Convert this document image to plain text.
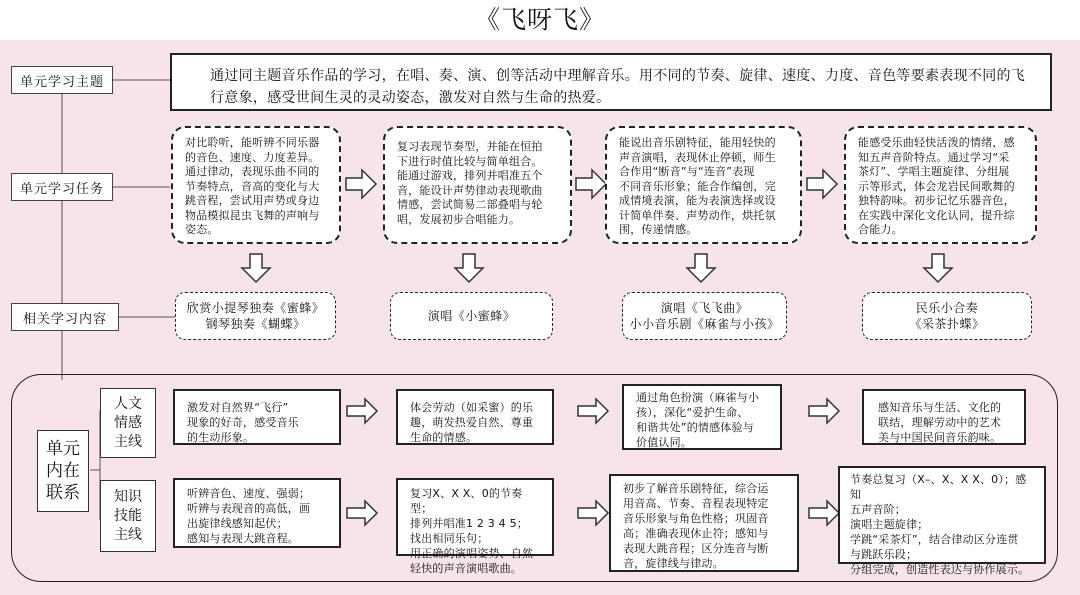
《飞呀飞》
单元学习主题
单元学习任务
相关学习内容
通过同主题音乐作品的学习，在唱、奏、演、创等活动中理解音乐。用不同的节奏、旋律、速度、力度、音色等要素表现不同的飞行意象，感受世间生灵的灵动姿态，激发对自然与生命的热爱。
对比聆听，能听辨不同乐器
的音色、速度、力度差异。
通过律动，表现乐曲不同的
节奏特点，音高的变化与大
跳音程，尝试用声势或身边
物品模拟昆虫飞舞的声响与
姿态。
复习表现节奏型，并能在恒拍
下进行时值比较与简单组合。
能通过游戏，排列并唱准五个
音，能设计声势律动表现歌曲
情感，尝试简易二部叠唱与轮
唱，发展初步合唱能力。
能说出音乐剧特征，能用轻快的
声音演唱，表现休止停顿，师生
合作用“断音”与“连音”表现
不同音乐形象；能合作编创，完
成情境表演，能为表演选择或设
计简单伴奏、声势动作，烘托氛
围，传递情感。
能感受乐曲轻快活泼的情绪，感
知五声音阶特点。通过学习“采
茶灯”、学唱主题旋律、分组展
示等形式，体会龙岩民间歌舞的
独特韵味。初步记忆乐器音色，
在实践中深化文化认同，提升综
合能力。
欣赏小提琴独奏《蜜蜂》
钢琴独奏《蝴蝶》
演唱《小蜜蜂》
演唱《飞飞曲》
小小音乐剧《麻雀与小孩》
民乐小合奏
《采茶扑蝶》
单元
内在
联系
人文
情感
主线
知识
技能
主线
激发对自然界“飞行”
现象的好奇，感受音乐
的生动形象。
体会劳动（如采蜜）的乐
趣，萌发热爱自然、尊重
生命的情感。
通过角色扮演（麻雀与小
孩），深化“爱护生命、
和谐共处”的情感体验与
价值认同。
感知音乐与生活、文化的
联结，理解劳动中的艺术
美与中国民间音乐韵味。
听辨音色、速度、强弱；
听辨与表现音的高低，画
出旋律线感知起伏；
感知与表现大跳音程。
复习X、X X、0的节奏型；
排列并唱准1 2 3 4 5；
找出相同乐句；
用正确的演唱姿势、自然
轻快的声音演唱歌曲。
初步了解音乐剧特征，综合运
用音高、节奏、音程表现特定
音乐形象与角色性格；巩固音
高；准确表现休止符；感知与
表现大跳音程；区分连音与断
音，旋律线与律动。
节奏总复习（X–、X、X X、0）；感知
五声音阶；
演唱主题旋律；
学跳“采茶灯”，结合律动区分连贯
与跳跃乐段；
分组完成，创造性表达与协作展示。
